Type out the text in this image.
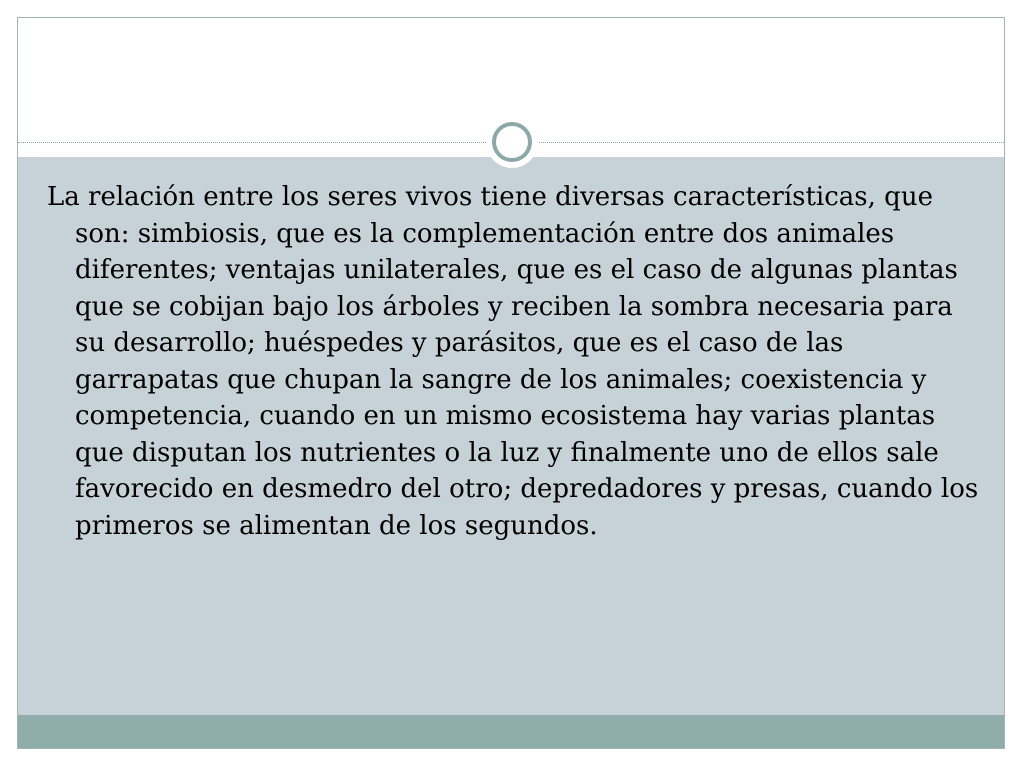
La relación entre los seres vivos tiene diversas características, que son: simbiosis, que es la complementación entre dos animales diferentes; ventajas unilaterales, que es el caso de algunas plantas que se cobijan bajo los árboles y reciben la sombra necesaria para su desarrollo; huéspedes y parásitos, que es el caso de las garrapatas que chupan la sangre de los animales; coexistencia y competencia, cuando en un mismo ecosistema hay varias plantas que disputan los nutrientes o la luz y finalmente uno de ellos sale favorecido en desmedro del otro; depredadores y presas, cuando los primeros se alimentan de los segundos.
